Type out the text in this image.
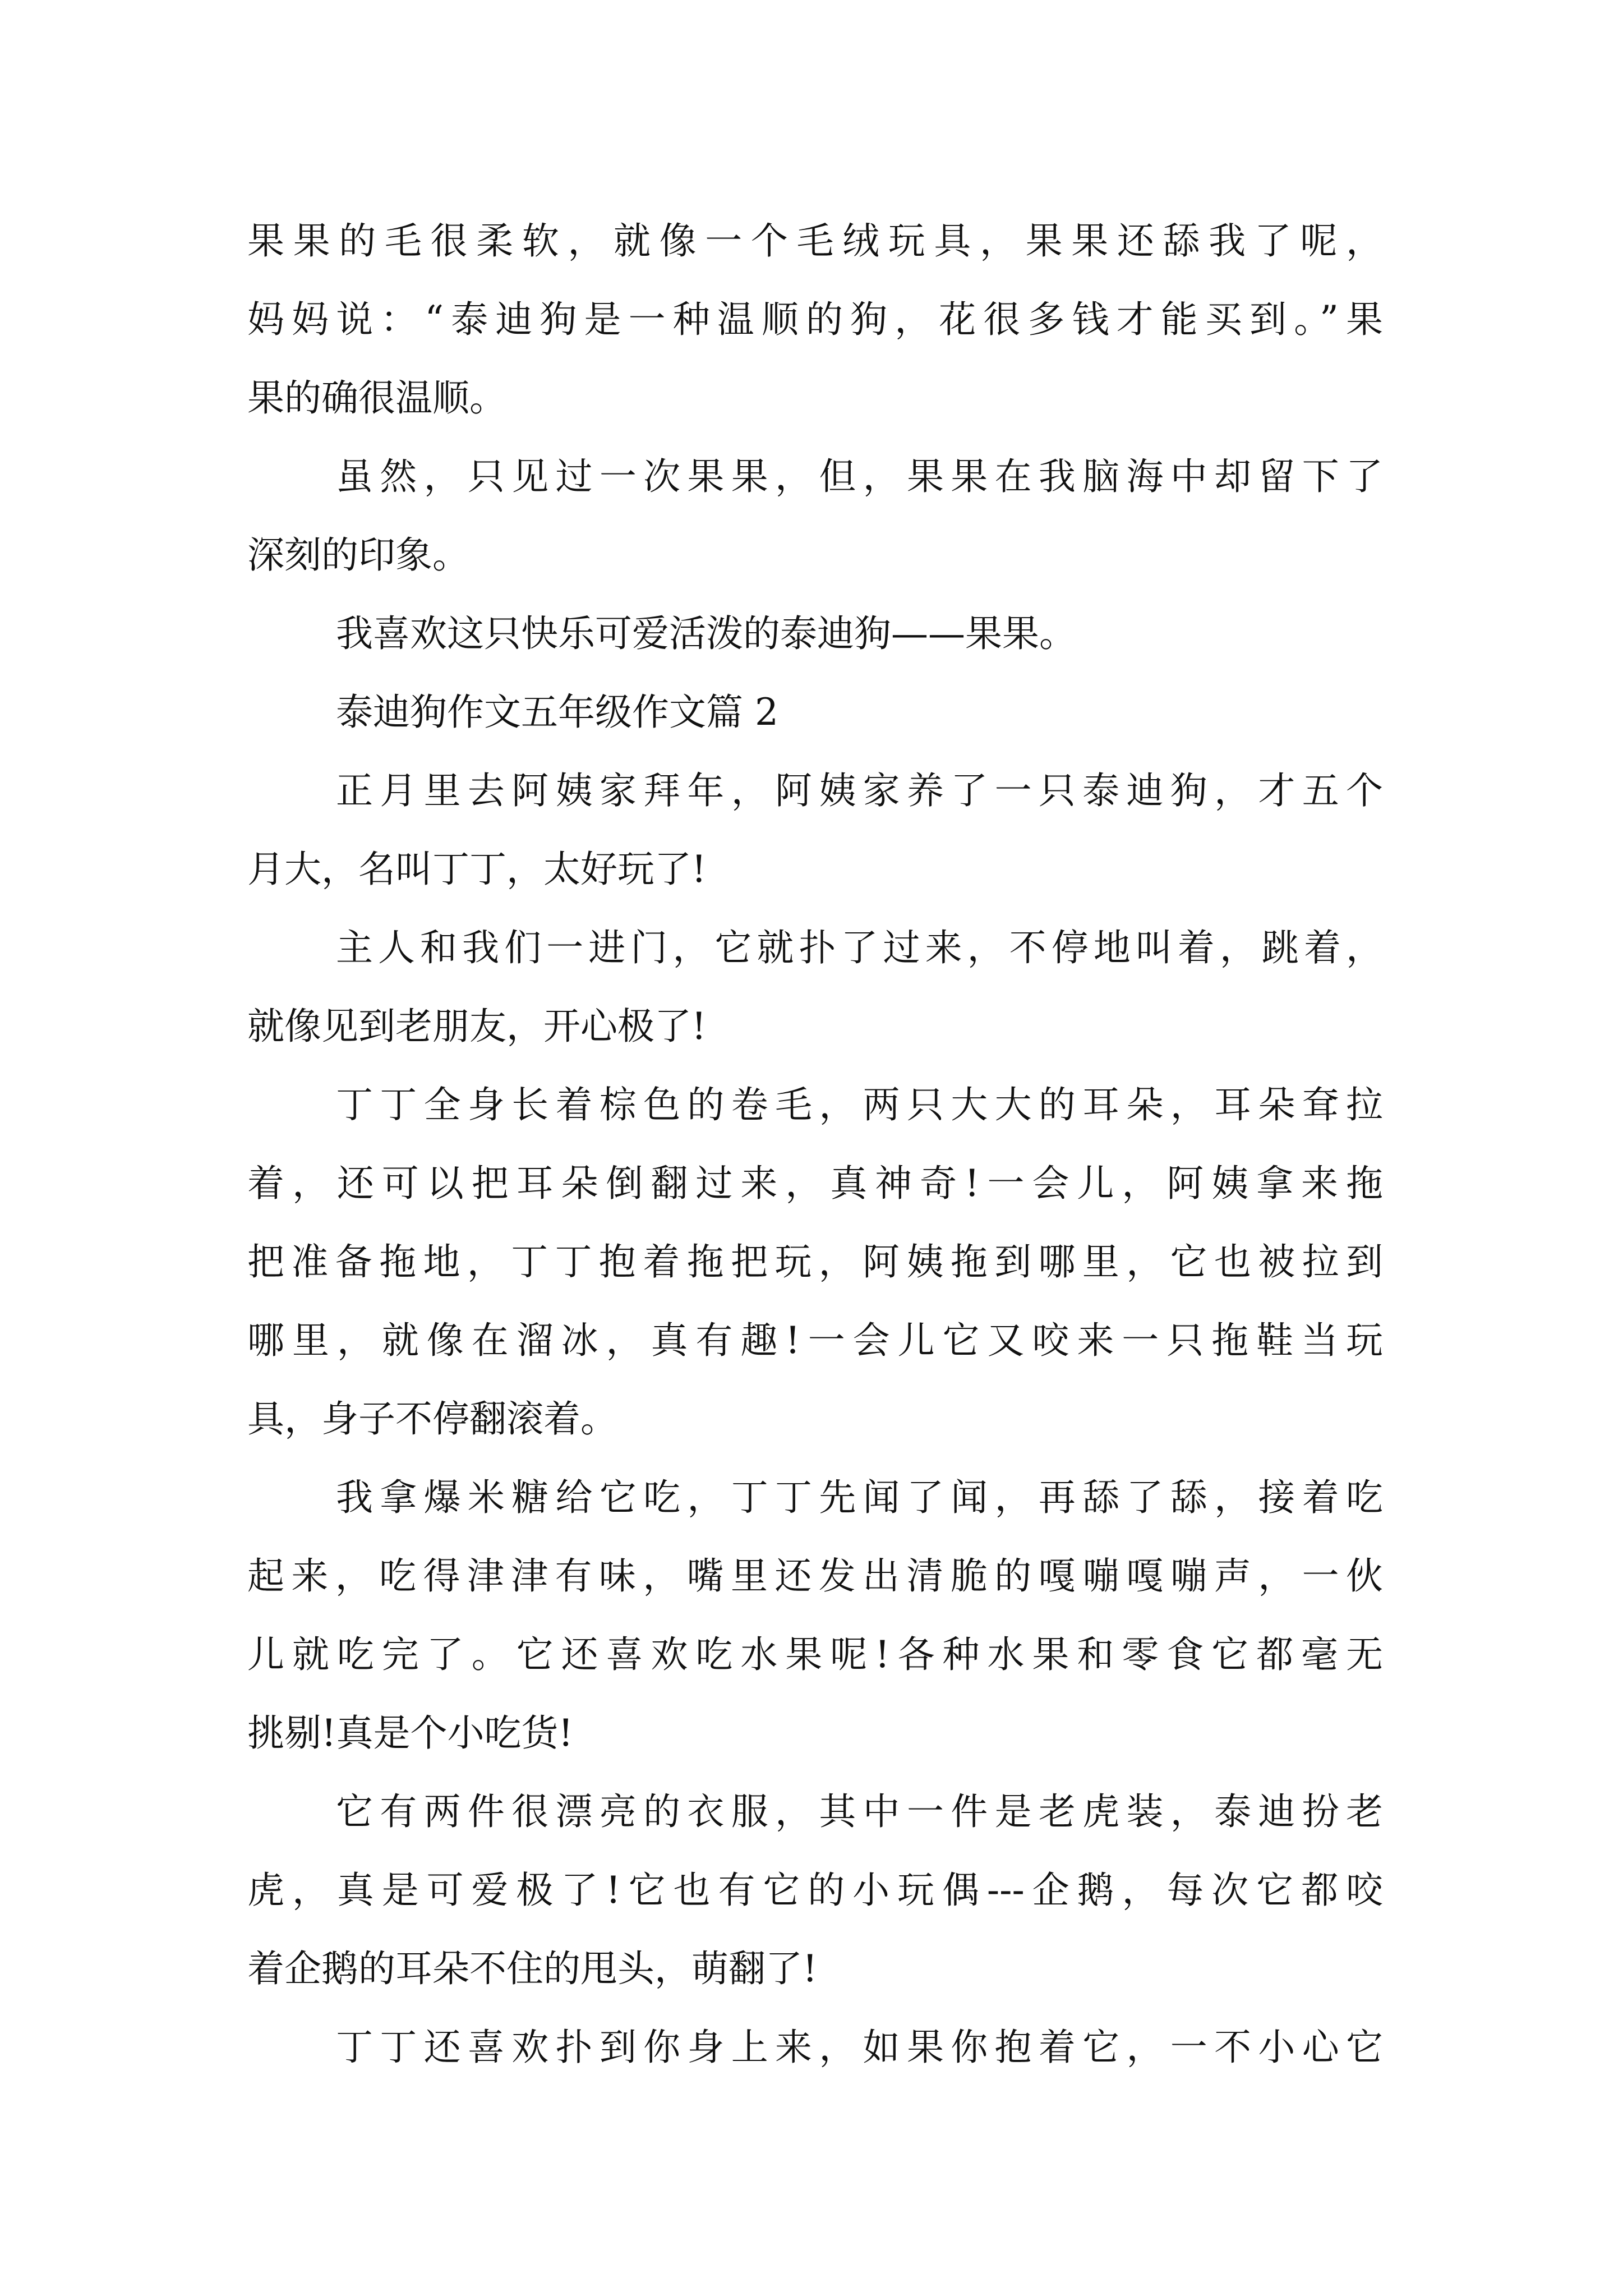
果果的毛很柔软，就像一个毛绒玩具，果果还舔我了呢，
妈妈说：“泰迪狗是一种温顺的狗，花很多钱才能买到。”果
果的确很温顺。
虽然，只见过一次果果，但，果果在我脑海中却留下了
深刻的印象。
我喜欢这只快乐可爱活泼的泰迪狗——果果。
泰迪狗作文五年级作文篇 2
正月里去阿姨家拜年，阿姨家养了一只泰迪狗，才五个
月大，名叫丁丁，太好玩了!
主人和我们一进门，它就扑了过来，不停地叫着，跳着，
就像见到老朋友，开心极了!
丁丁全身长着棕色的卷毛，两只大大的耳朵，耳朵耷拉
着，还可以把耳朵倒翻过来，真神奇!一会儿，阿姨拿来拖
把准备拖地，丁丁抱着拖把玩，阿姨拖到哪里，它也被拉到
哪里，就像在溜冰，真有趣!一会儿它又咬来一只拖鞋当玩
具，身子不停翻滚着。
我拿爆米糖给它吃，丁丁先闻了闻，再舔了舔，接着吃
起来，吃得津津有味，嘴里还发出清脆的嘎嘣嘎嘣声，一伙
儿就吃完了。它还喜欢吃水果呢!各种水果和零食它都毫无
挑剔!真是个小吃货!
它有两件很漂亮的衣服，其中一件是老虎装，泰迪扮老
虎，真是可爱极了!它也有它的小玩偶---企鹅，每次它都咬
着企鹅的耳朵不住的甩头，萌翻了!
丁丁还喜欢扑到你身上来，如果你抱着它，一不小心它
